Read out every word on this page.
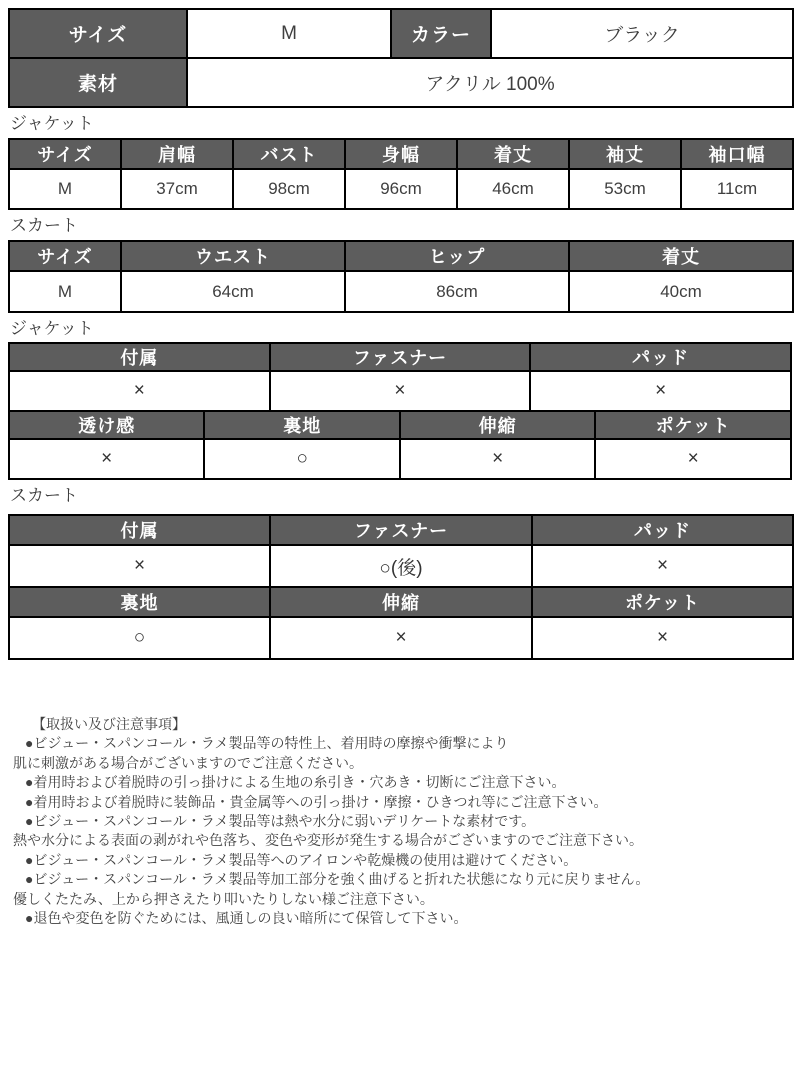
サイズ	M	カラー	ブラック
素材	アクリル 100%		
ジャケット
サイズ	肩幅	バスト	身幅	着丈	袖丈	袖口幅
M	37cm	98cm	96cm	46cm	53cm	11cm
スカート
サイズ	ウエスト	ヒップ	着丈
M	64cm	86cm	40cm
ジャケット
付属		ファスナー		パッド	
×		×		×	
透け感	裏地		伸縮		ポケット
×	○		×		×
スカート
付属	ファスナー	パッド
×	○(後)	×
裏地	伸縮	ポケット
○	×	×
【取扱い及び注意事項】
●ビジュー・スパンコール・ラメ製品等の特性上、着用時の摩擦や衝撃により
肌に刺激がある場合がございますのでご注意ください。
●着用時および着脱時の引っ掛けによる生地の糸引き・穴あき・切断にご注意下さい。
●着用時および着脱時に装飾品・貴金属等への引っ掛け・摩擦・ひきつれ等にご注意下さい。
●ビジュー・スパンコール・ラメ製品等は熱や水分に弱いデリケートな素材です。
熱や水分による表面の剥がれや色落ち、変色や変形が発生する場合がございますのでご注意下さい。
●ビジュー・スパンコール・ラメ製品等へのアイロンや乾燥機の使用は避けてください。
●ビジュー・スパンコール・ラメ製品等加工部分を強く曲げると折れた状態になり元に戻りません。
優しくたたみ、上から押さえたり叩いたりしない様ご注意下さい。
●退色や変色を防ぐためには、風通しの良い暗所にて保管して下さい。
